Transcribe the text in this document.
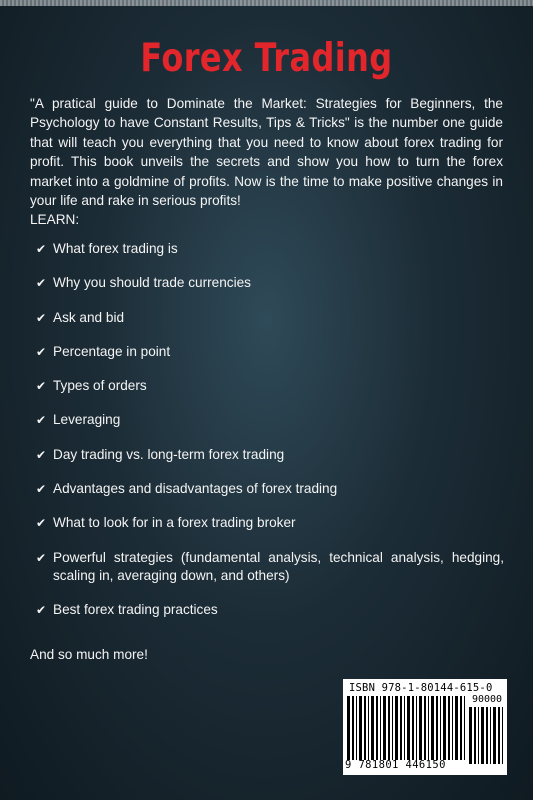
Forex Trading
"A pratical guide to Dominate the Market: Strategies for Beginners, the Psychology to have Constant Results, Tips & Tricks" is the number one guide that will teach you everything that you need to know about forex trading for profit. This book unveils the secrets and show you how to turn the forex market into a goldmine of profits. Now is the time to make positive changes in your life and rake in serious profits!
LEARN:
✔ What forex trading is
✔ Why you should trade currencies
✔ Ask and bid
✔ Percentage in point
✔ Types of orders
✔ Leveraging
✔ Day trading vs. long-term forex trading
✔ Advantages and disadvantages of forex trading
✔ What to look for in a forex trading broker
✔ Powerful strategies (fundamental analysis, technical analysis, hedging, scaling in, averaging down, and others)
✔ Best forex trading practices
And so much more!
ISBN 978-1-80144-615-0
90000
9 781801 446150
